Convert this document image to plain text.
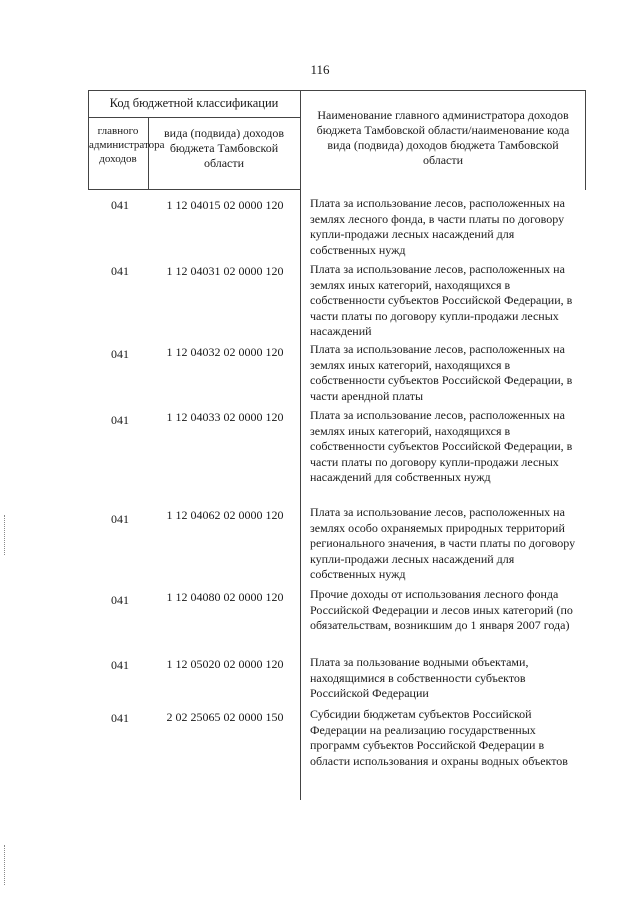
116
Код бюджетной классификации
главного администратора доходов
вида (подвида) доходов бюджета Тамбовской области
Наименование главного администратора доходов бюджета Тамбовской области/наименование кода вида (подвида) доходов бюджета Тамбовской области
041	1 12 04015 02 0000 120	Плата за использование лесов, расположенных на землях лесного фонда, в части платы по договору купли-продажи лесных насаждений для собственных нужд
041	1 12 04031 02 0000 120	Плата за использование лесов, расположенных на землях иных категорий, находящихся в собственности субъектов Российской Федерации, в части платы по договору купли-продажи лесных насаждений
041	1 12 04032 02 0000 120	Плата за использование лесов, расположенных на землях иных категорий, находящихся в собственности субъектов Российской Федерации, в части арендной платы
041	1 12 04033 02 0000 120	Плата за использование лесов, расположенных на землях иных категорий, находящихся в собственности субъектов Российской Федерации, в части платы по договору купли-продажи лесных насаждений для собственных нужд
041	1 12 04062 02 0000 120	Плата за использование лесов, расположенных на землях особо охраняемых природных территорий регионального значения, в части платы по договору купли-продажи лесных насаждений для собственных нужд
041	1 12 04080 02 0000 120	Прочие доходы от использования лесного фонда Российской Федерации и лесов иных категорий (по обязательствам, возникшим до 1 января 2007 года)
041	1 12 05020 02 0000 120	Плата за пользование водными объектами, находящимися в собственности субъектов Российской Федерации
041	2 02 25065 02 0000 150	Субсидии бюджетам субъектов Российской Федерации на реализацию государственных программ субъектов Российской Федерации в области использования и охраны водных объектов
